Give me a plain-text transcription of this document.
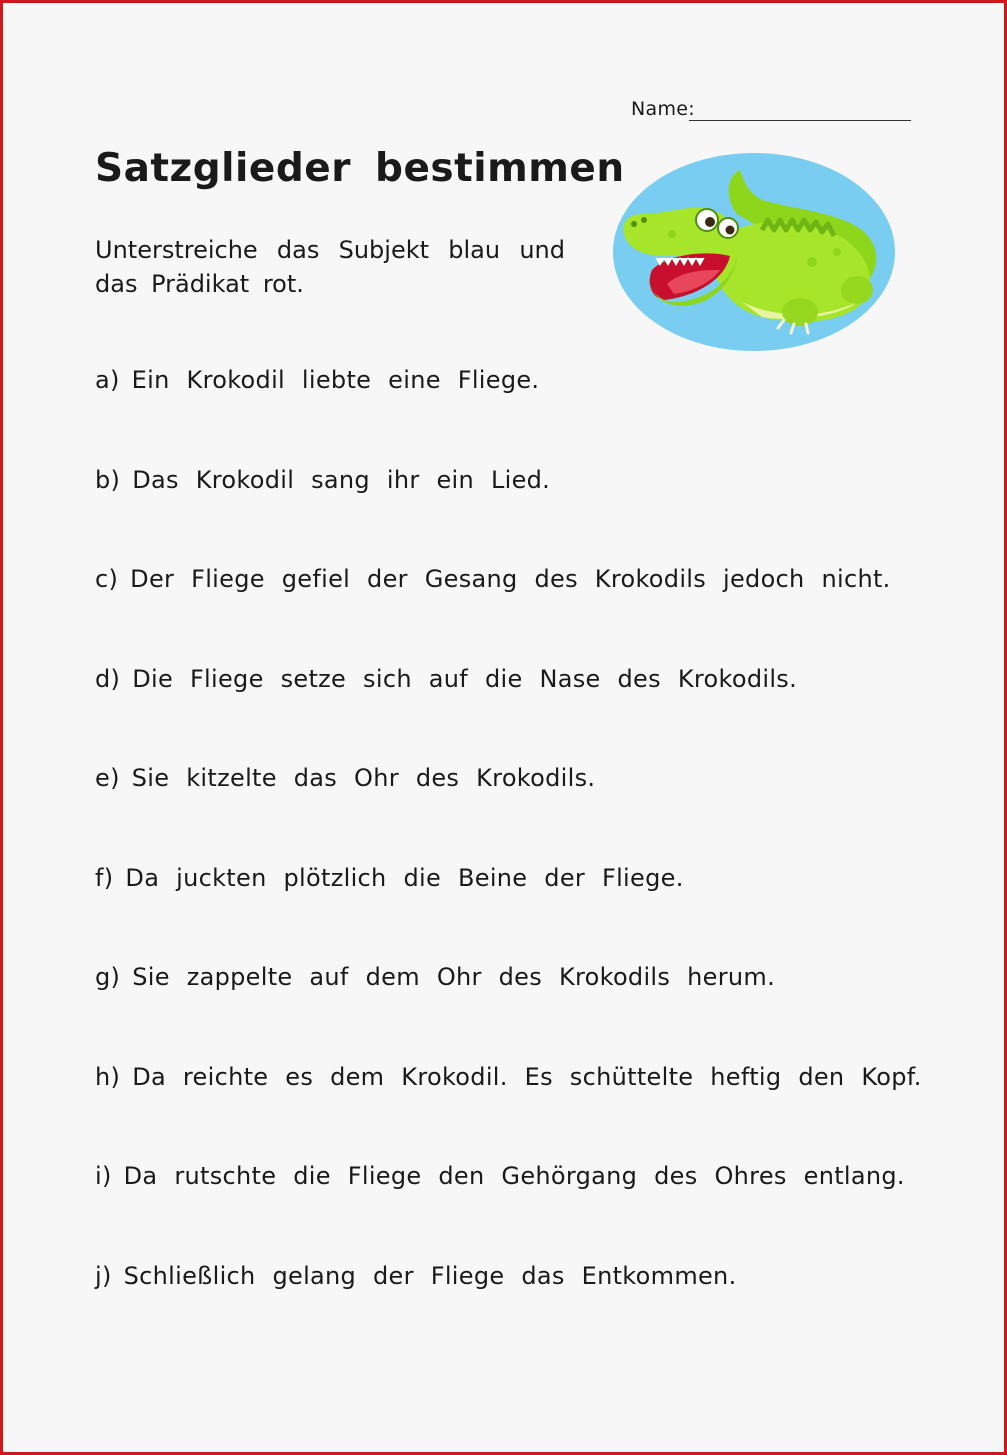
Name:
Satzglieder bestimmen

Unterstreiche das Subjekt blau und das Prädikat rot.

a) Ein Krokodil liebte eine Fliege.

b) Das Krokodil sang ihr ein Lied.

c) Der Fliege gefiel der Gesang des Krokodils jedoch nicht.

d) Die Fliege setze sich auf die Nase des Krokodils.

e) Sie kitzelte das Ohr des Krokodils.

f) Da juckten plötzlich die Beine der Fliege.

g) Sie zappelte auf dem Ohr des Krokodils herum.

h) Da reichte es dem Krokodil. Es schüttelte heftig den Kopf.

i) Da rutschte die Fliege den Gehörgang des Ohres entlang.

j) Schließlich gelang der Fliege das Entkommen.
